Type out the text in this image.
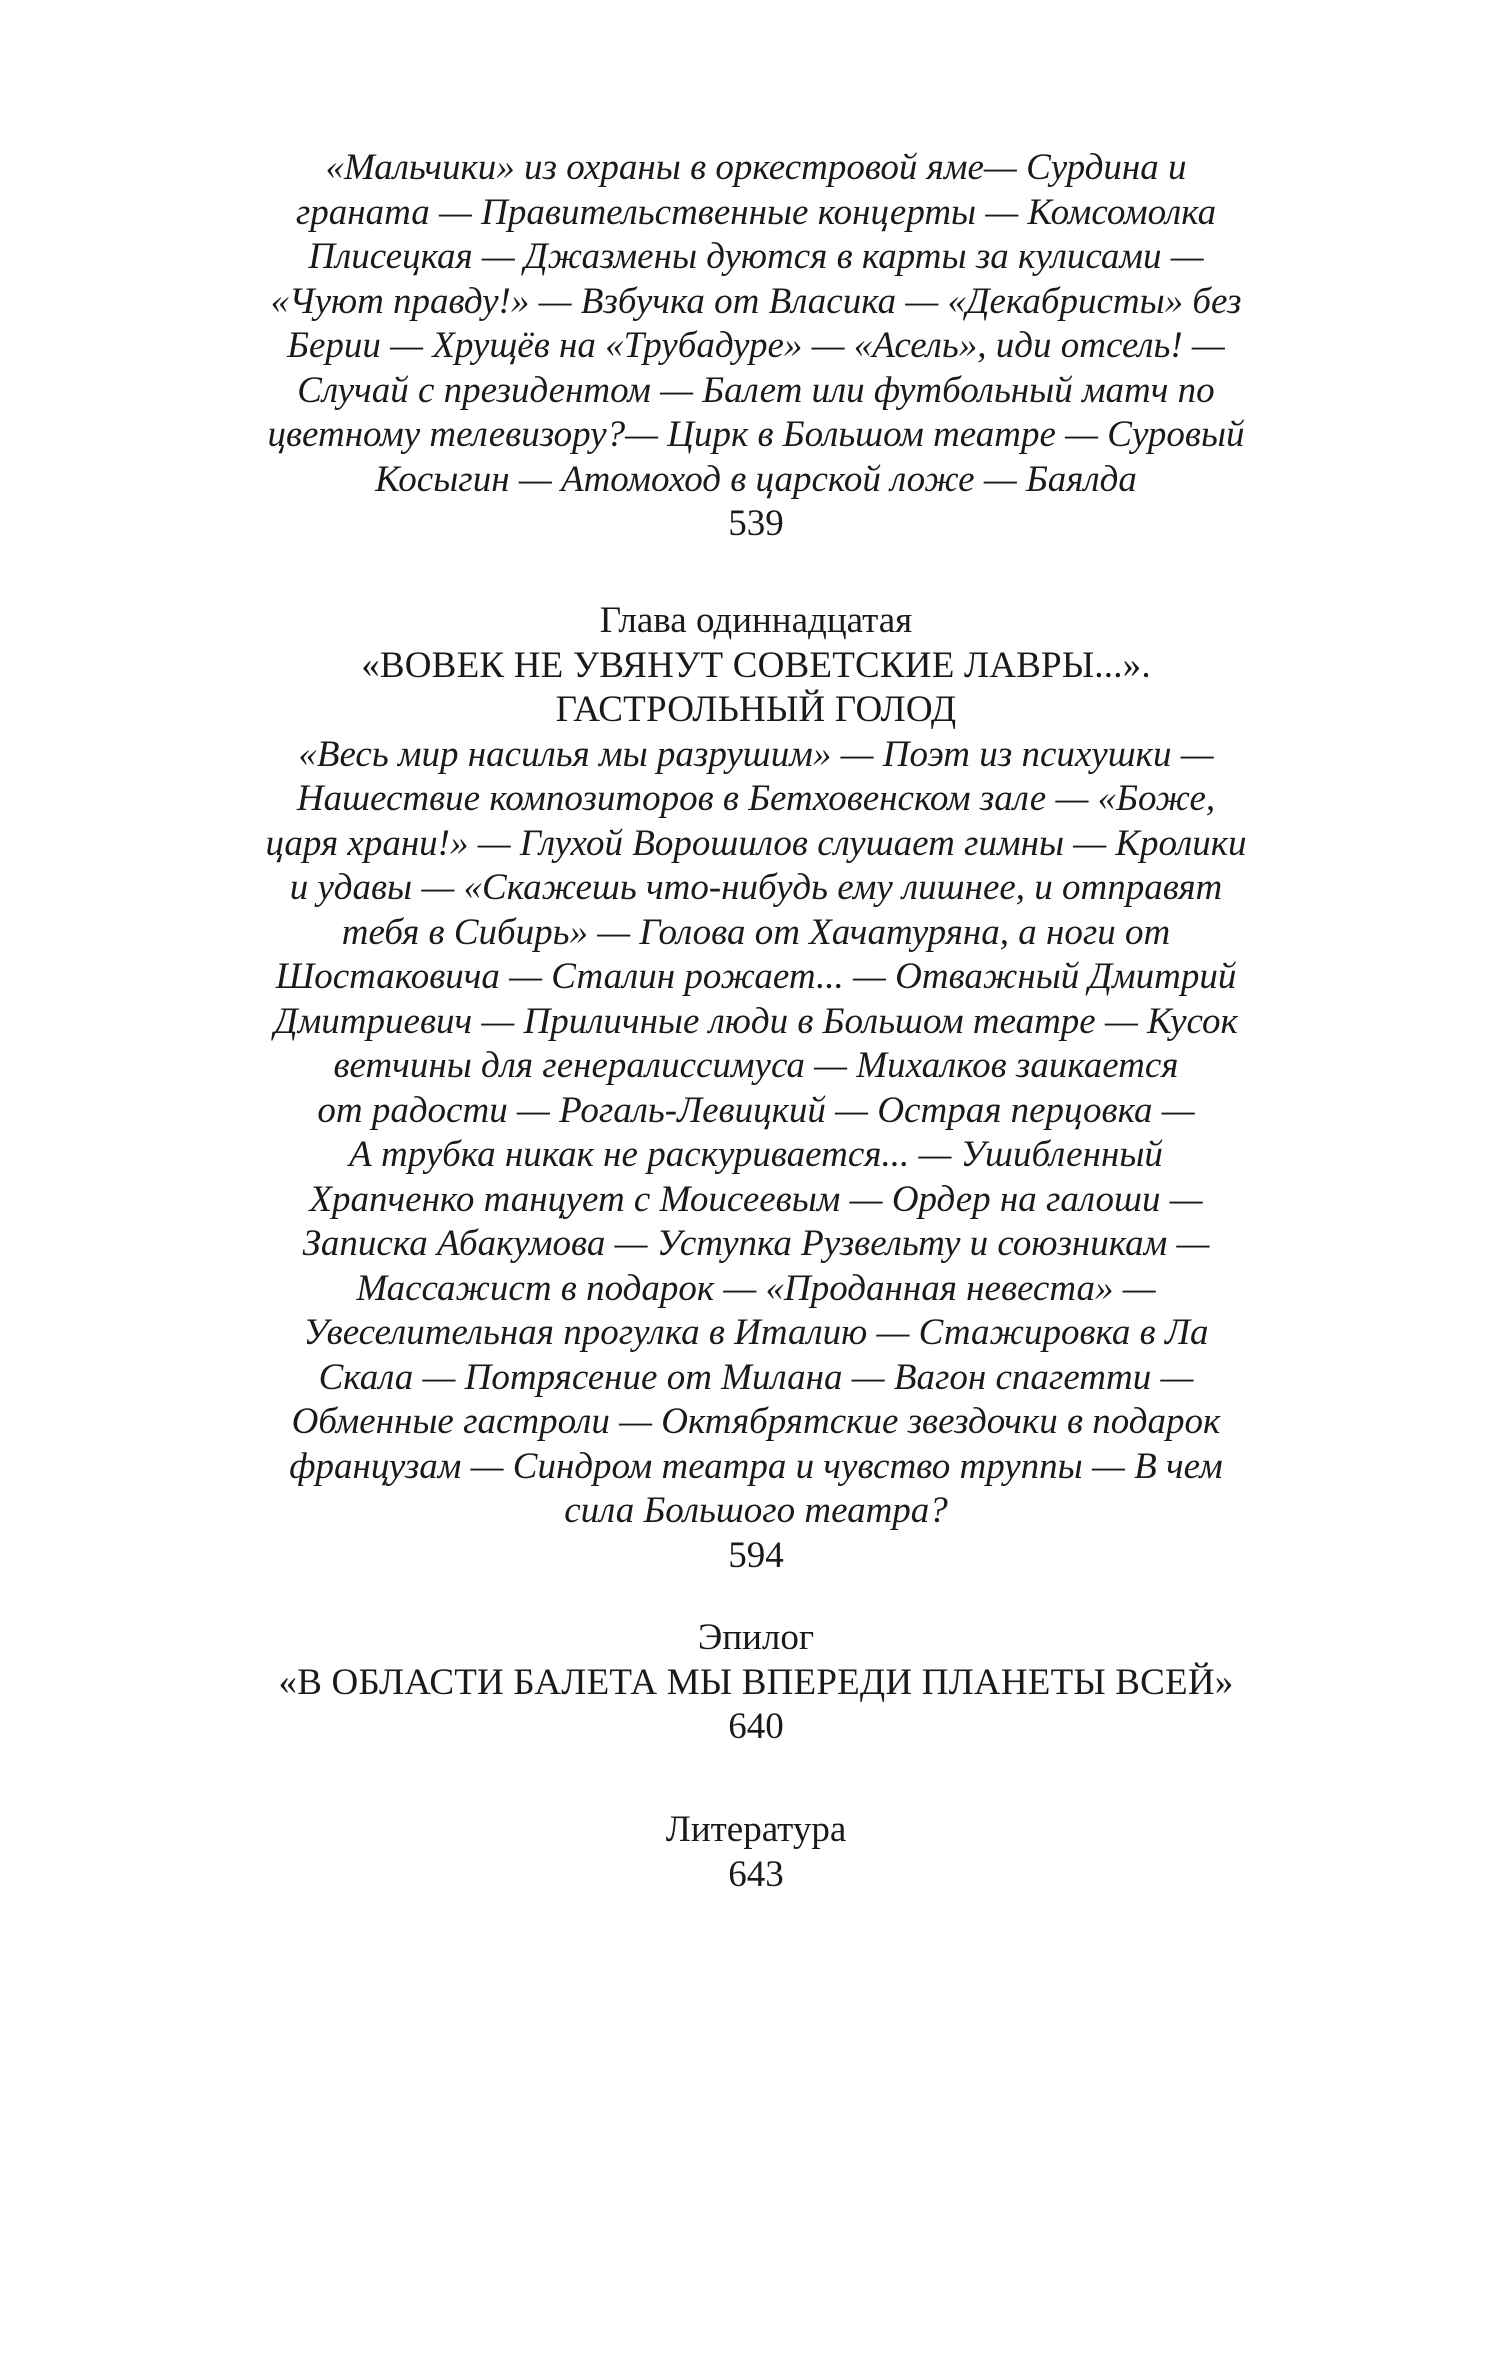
«Мальчики» из охраны в оркестровой яме— Сурдина и
граната — Правительственные концерты — Комсомолка
Плисецкая — Джазмены дуются в карты за кулисами —
«Чуют правду!» — Взбучка от Власика — «Декабристы» без
Берии — Хрущёв на «Трубадуре» — «Асель», иди отсель! —
Случай с президентом — Балет или футбольный матч по
цветному телевизору?— Цирк в Большом театре — Суровый
Косыгин — Атомоход в царской ложе — Баялда
539
Глава одиннадцатая
«ВОВЕК НЕ УВЯНУТ СОВЕТСКИЕ ЛАВРЫ...».
ГАСТРОЛЬНЫЙ ГОЛОД
«Весь мир насилья мы разрушим» — Поэт из психушки —
Нашествие композиторов в Бетховенском зале — «Боже,
царя храни!» — Глухой Ворошилов слушает гимны — Кролики
и удавы — «Скажешь что-нибудь ему лишнее, и отправят
тебя в Сибирь» — Голова от Хачатуряна, а ноги от
Шостаковича — Сталин рожает... — Отважный Дмитрий
Дмитриевич — Приличные люди в Большом театре — Кусок
ветчины для генералиссимуса — Михалков заикается
от радости — Рогаль-Левицкий — Острая перцовка —
А трубка никак не раскуривается... — Ушибленный
Храпченко танцует с Моисеевым — Ордер на галоши —
Записка Абакумова — Уступка Рузвельту и союзникам —
Массажист в подарок — «Проданная невеста» —
Увеселительная прогулка в Италию — Стажировка в Ла
Скала — Потрясение от Милана — Вагон спагетти —
Обменные гастроли — Октябрятские звездочки в подарок
французам — Синдром театра и чувство труппы — В чем
сила Большого театра?
594
Эпилог
«В ОБЛАСТИ БАЛЕТА МЫ ВПЕРЕДИ ПЛАНЕТЫ ВСЕЙ»
640
Литература
643
